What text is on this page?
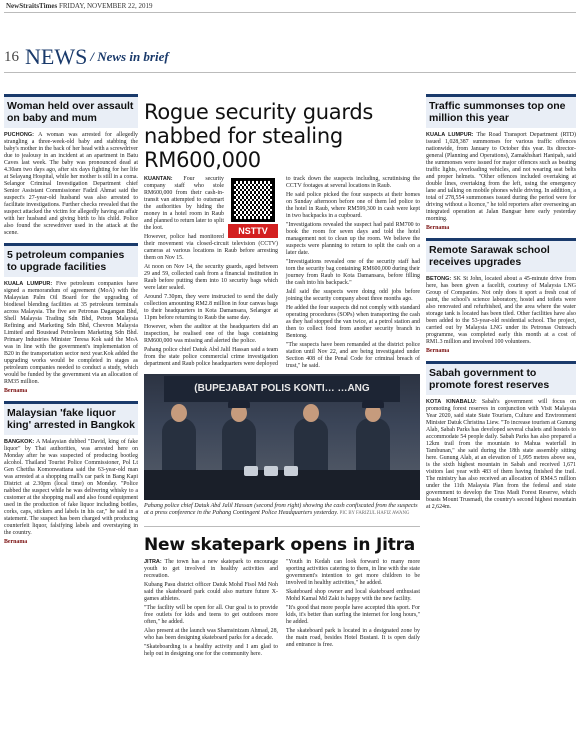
NewStraitsTimes FRIDAY, NOVEMBER 22, 2019
16 NEWS / News in brief
Woman held over assault on baby and mum

PUCHONG: A woman was arrested for allegedly strangling a three-week-old baby and stabbing the baby's mother in the back of her head with a screwdriver due to jealousy in an incident at an apartment in Batu Caves last week. The baby was pronounced dead at 4.30am two days ago, after six days fighting for her life at Selayang Hospital, while her mother is still in a coma. Selangor Criminal Investigation Department chief Senior Assistant Commissioner Fadzil Ahmat said the suspect's 27-year-old husband was also arrested to facilitate investigations. Further checks revealed that the suspect attacked the victim for allegedly having an affair with her husband and giving birth to his child. Police also found the screwdriver used in the attack at the scene.

5 petroleum companies to upgrade facilities

KUALA LUMPUR: Five petroleum companies have signed a memorandum of agreement (MoA) with the Malaysian Palm Oil Board for the upgrading of biodiesel blending facilities at 35 petroleum terminals across Malaysia. The five are Petronas Dagangan Bhd, Shell Malaysia Trading Sdn Bhd, Petron Malaysia Refining and Marketing Sdn Bhd, Chevron Malaysia Limited and Boustead Petroleum Marketing Sdn Bhd. Primary Industries Minister Teresa Kok said the MoA was in line with the government's implementation of B20 in the transportation sector next year.Kok added the upgrading works would be completed in stages as petroleum companies needed to conduct a study, which would be funded by the government via an allocation of RM35 million.

Bernama

Malaysian 'fake liquor king' arrested in Bangkok

BANGKOK: A Malaysian dubbed "David, king of fake liquor" by Thai authorities, was arrested here on Monday after he was suspected of producing bootleg alcohol. Thailand Tourist Police Commissioner, Pol Lt Gen Chettha Komonwattana said the 63-year-old man was arrested at a shopping mall's car park in Bang Kapi District at 2.30pm (local time) on Monday. "Police nabbed the suspect while he was delivering whisky to a customer at the shopping mall and also found equipment used in the production of fake liquor including bottles, corks, caps, stickers and labels in his car," he said in a statement. The suspect has been charged with producing counterfeit liquor, falsifying labels and overstaying in the country.

Bernama

Rogue security guards nabbed for stealing RM600,000
NSTTV

KUANTAN: Four security company staff who stole RM600,000 from their cash-in-transit van attempted to outsmart the authorities by hiding the money in a hotel room in Raub and planned to return later to split the loot.

However, police had monitored their movement via closed-circuit television (CCTV) cameras at various locations in Raub before arresting them on Nov 15.

At noon on Nov 14, the security guards, aged between 29 and 59, collected cash from a financial institution in Raub before putting them into 10 security bags which were later sealed.

Around 7.30pm, they were instructed to send the daily collection amounting RM2.8 million in four canvas bags to their headquarters in Kota Damansara, Selangor at 11pm before returning to Raub the same day.

However, when the auditor at the headquarters did an inspection, he realised one of the bags containing RM600,000 was missing and alerted the police.

Pahang police chief Datuk Abd Jalil Hassan said a team from the state police commercial crime investigation department and Raub police headquarters were deployed to track down the suspects including, scrutinising the CCTV footages at several locations in Raub.

He said police picked the four suspects at their homes on Sunday afternoon before one of them led police to the hotel in Raub, where RM599,300 in cash were kept in two backpacks in a cupboard.

"Investigations revealed the suspect had paid RM700 to book the room for seven days and told the hotel management not to clean up the room. We believe the suspects were planning to return to split the cash on a later date.

"Investigations revealed one of the security staff had torn the security bag containing RM600,000 during their journey from Raub to Kota Damansara, before filling the cash into his backpack."

Jalil said the suspects were doing odd jobs before joining the security company about three months ago.

He added the four suspects did not comply with standard operating procedures (SOPs) when transporting the cash as they had stopped the van twice, at a petrol station and then to collect food from another security branch in Bentong.

"The suspects have been remanded at the district police station until Nov 22, and are being investigated under Section 408 of the Penal Code for criminal breach of trust," he said.

(BUPEJABAT POLIS KONTI… …ANG
Pahang police chief Datuk Abd Jalil Hassan (second from right) showing the cash confiscated from the suspects at a press conference in the Pahang Contingent Police Headquarters yesterday. PIC BY FARIZUL HAFIZ AWANG
New skatepark opens in Jitra

JITRA: The town has a new skatepark to encourage youth to get involved in healthy activities and recreation.

Kubang Pasu district officer Datuk Mohd Fisol Md Noh said the skateboard park could also nurture future X-games athletes.

"The facility will be open for all. Our goal is to provide free outlets for kids and teens to get outdoors more often," he added.

Also present at the launch was Shamsinizam Ahmad, 28, who has been designing skateboard parks for a decade.

"Skateboarding is a healthy activity and I am glad to help out in designing one for the community here.

"Youth in Kedah can look forward to many more sporting activities catering to them, in line with the state government's intention to get more children to be involved in healthy activities," he added.

Skateboard shop owner and local skateboard enthusiast Mohd Kamal Md Zaki is happy with the new facility.

"It's good that more people have accepted this sport. For kids, it's better than surfing the internet for long hours," he added.

The skateboard park is located in a designated zone by the main road, besides Hotel Bustani. It is open daily and entrance is free.

Traffic summonses top one million this year

KUALA LUMPUR: The Road Transport Department (RTD) issued 1,028,387 summonses for various traffic offences nationwide, from January to October this year. Its director-general (Planning and Operations), Zamakhshari Hanipah, said the summonses were issued for major offences such as beating traffic lights, overloading vehicles, and not wearing seat belts and proper helmets. "Other offences included overtaking at double lines, overtaking from the left, using the emergency lane and talking on mobile phones while driving. In addition, a total of 278,554 summonses issued during the period were for driving without a licence," he told reporters after overseeing an integrated operation at Jalan Bangsar here early yesterday morning.

Bernama

Remote Sarawak school receives upgrades

BETONG: SK St John, located about a 45-minute drive from here, has been given a facelift, courtesy of Malaysia LNG Group of Companies. Not only does it sport a fresh coat of paint, the school's science laboratory, hostel and toilets were also renovated and refurbished, and the area where the water storage tank is located has been tiled. Other facilities have also been added to the 53-year-old residential school. The project, carried out by Malaysia LNG under its Petronas Outreach programme, was completed early this month at a cost of RM1.3 million and involved 100 volunteers.

Bernama

Sabah government to promote forest reserves

KOTA KINABALU: Sabah's government will focus on promoting forest reserves in conjunction with Visit Malaysia Year 2020, said state State Tourism, Culture and Environment Minister Datuk Christina Liew. "To increase tourism at Gunung Alab, Sabah Parks has developed several chalets and hostels to accommodate 54 people daily. Sabah Parks has also prepared a 12km trail from the mountain to Mahua waterfall in Tambunan," she said during the 18th state assembly sitting here. Gunung Alab, at an elevation of 1,995 metres above sea, is the sixth highest mountain in Sabah and received 1,671 visitors last year with 483 of them having finished the trail. The ministry has also received an allocation of RM4.5 million under the 11th Malaysia Plan from the federal and state government to develop the Trus Madi Forest Reserve, which boasts Mount Trusmadi, the country's second highest mountain at 2,624m.
